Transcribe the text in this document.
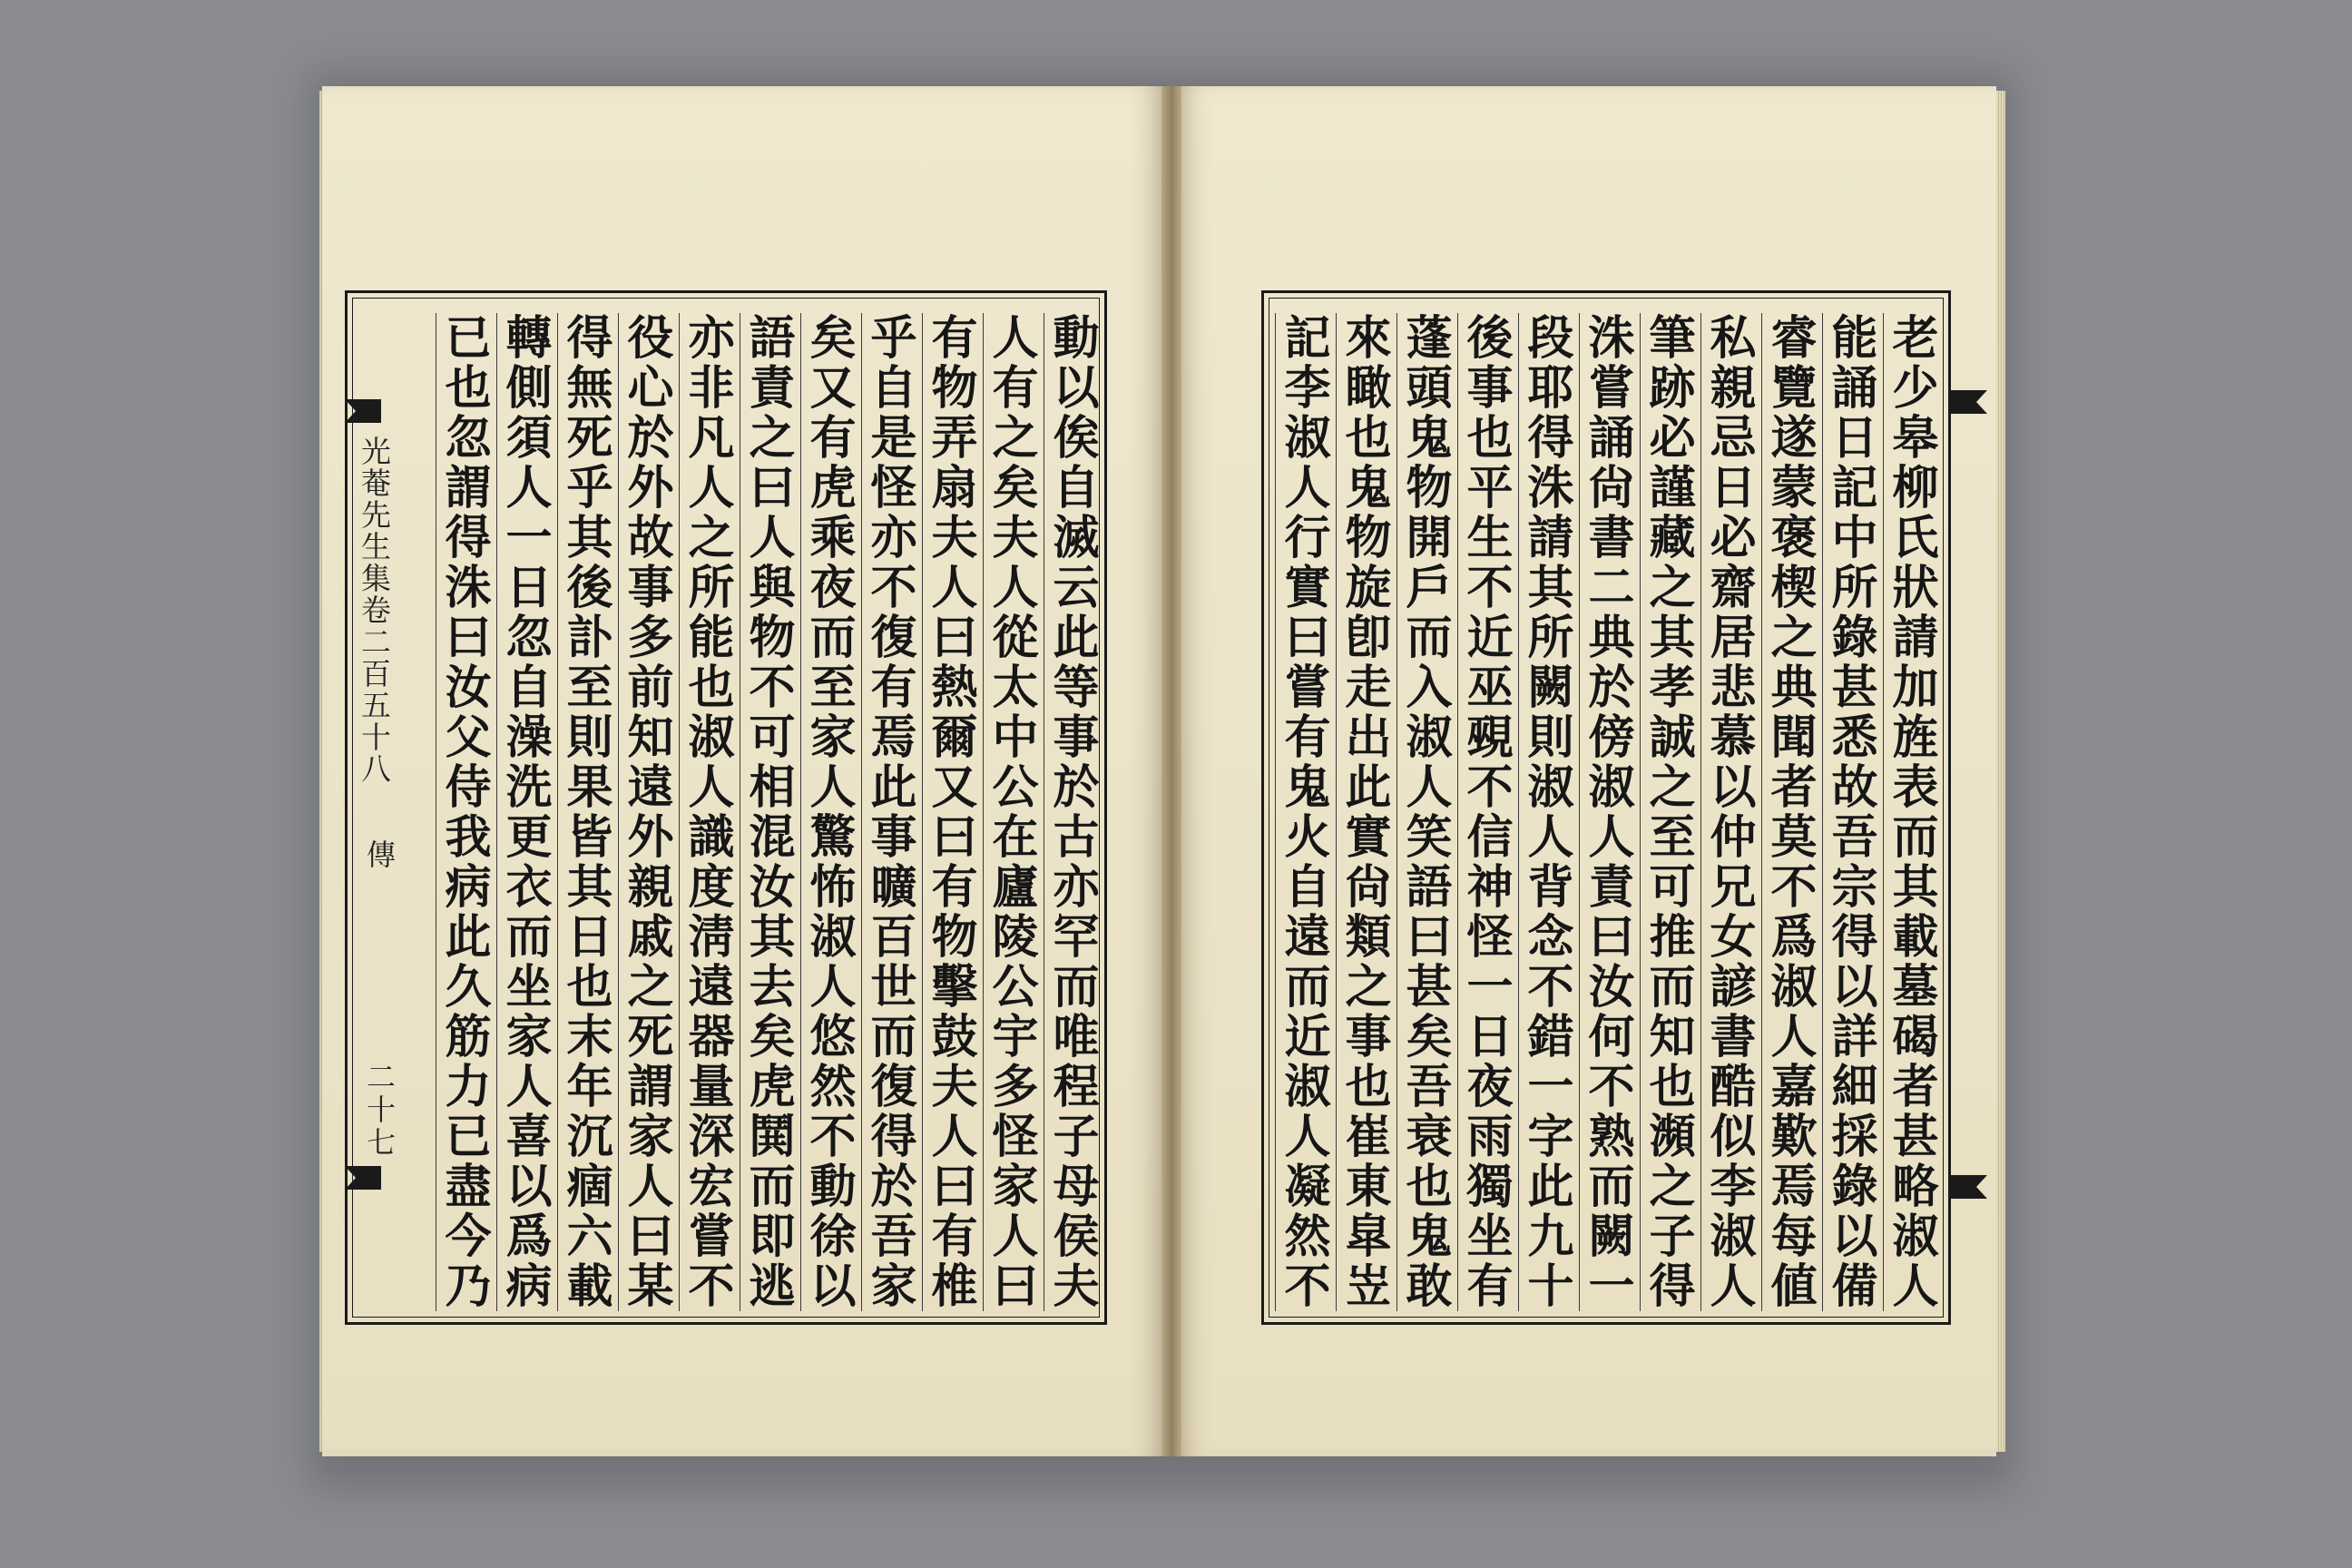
光菴先生集卷二百五十八
傳
二十七	動以俟自滅云此等事於古亦罕而唯程子母侯夫
人有之矣夫人從太中公在廬陵公宇多怪家人曰
有物弄扇夫人曰熱爾又曰有物擊鼓夫人曰有椎
乎自是怪亦不復有焉此事曠百世而復得於吾家
矣又有虎乘夜而至家人驚怖淑人悠然不動徐以
語責之曰人與物不可相混汝其去矣虎鬨而即逃
亦非凡人之所能也淑人識度淸遠器量深宏嘗不
役心於外故事多前知遠外親戚之死謂家人曰某
得無死乎其後訃至則果皆其日也末年沉痼六載
轉側須人一日忽自澡洗更衣而坐家人喜以爲病
已也忽謂得洙曰汝父侍我病此久筋力已盡今乃	老少皋柳氏狀請加旌表而其載墓碣者甚略淑人
能誦日記中所錄甚悉故吾宗得以詳細採錄以備
睿覽遂蒙褒楔之典聞者莫不爲淑人嘉歎焉每値
私親忌日必齋居悲慕以仲兄女諺書酷似李淑人
筆跡必謹藏之其孝誠之至可推而知也瀕之子得
洙嘗誦尙書二典於傍淑人責曰汝何不熟而闕一
段耶得洙請其所闕則淑人背念不錯一字此九十
後事也平生不近巫覡不信神怪一日夜雨獨坐有
蓬頭鬼物開戶而入淑人笑語曰甚矣吾衰也鬼敢
來瞰也鬼物旋卽走出此實尙類之事也崔東皐岦
記李淑人行實曰嘗有鬼火自遠而近淑人凝然不
